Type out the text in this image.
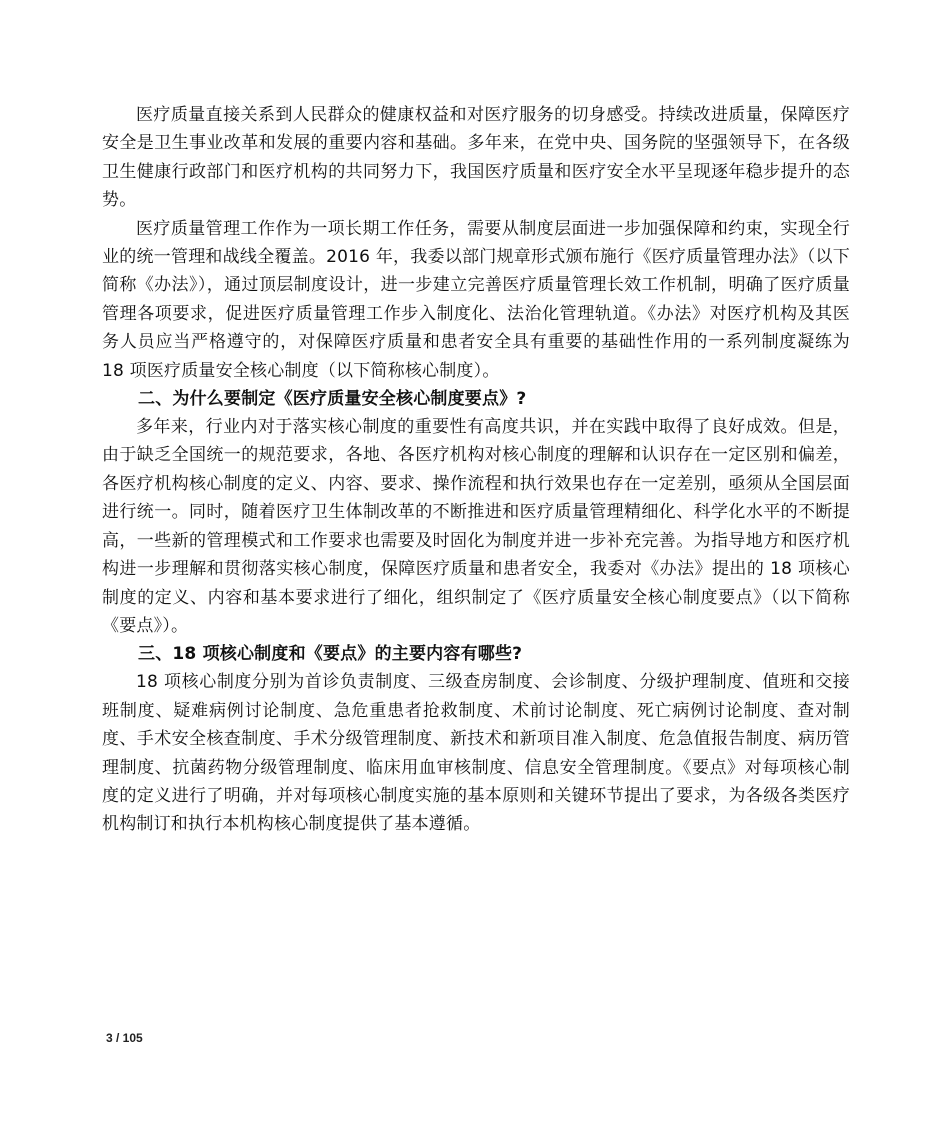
医疗质量直接关系到人民群众的健康权益和对医疗服务的切身感受。持续改进质量，保障医疗安全是卫生事业改革和发展的重要内容和基础。多年来，在党中央、国务院的坚强领导下，在各级卫生健康行政部门和医疗机构的共同努力下，我国医疗质量和医疗安全水平呈现逐年稳步提升的态势。

医疗质量管理工作作为一项长期工作任务，需要从制度层面进一步加强保障和约束，实现全行业的统一管理和战线全覆盖。2016 年，我委以部门规章形式颁布施行《医疗质量管理办法》（以下简称《办法》），通过顶层制度设计，进一步建立完善医疗质量管理长效工作机制，明确了医疗质量管理各项要求，促进医疗质量管理工作步入制度化、法治化管理轨道。《办法》对医疗机构及其医务人员应当严格遵守的，对保障医疗质量和患者安全具有重要的基础性作用的一系列制度凝练为 18 项医疗质量安全核心制度（以下简称核心制度）。

二、为什么要制定《医疗质量安全核心制度要点》?

多年来，行业内对于落实核心制度的重要性有高度共识，并在实践中取得了良好成效。但是，由于缺乏全国统一的规范要求，各地、各医疗机构对核心制度的理解和认识存在一定区别和偏差，各医疗机构核心制度的定义、内容、要求、操作流程和执行效果也存在一定差别，亟须从全国层面进行统一。同时，随着医疗卫生体制改革的不断推进和医疗质量管理精细化、科学化水平的不断提高，一些新的管理模式和工作要求也需要及时固化为制度并进一步补充完善。为指导地方和医疗机构进一步理解和贯彻落实核心制度，保障医疗质量和患者安全，我委对《办法》提出的 18 项核心制度的定义、内容和基本要求进行了细化，组织制定了《医疗质量安全核心制度要点》（以下简称《要点》）。

三、18 项核心制度和《要点》的主要内容有哪些?

18 项核心制度分别为首诊负责制度、三级查房制度、会诊制度、分级护理制度、值班和交接班制度、疑难病例讨论制度、急危重患者抢救制度、术前讨论制度、死亡病例讨论制度、查对制度、手术安全核查制度、手术分级管理制度、新技术和新项目准入制度、危急值报告制度、病历管理制度、抗菌药物分级管理制度、临床用血审核制度、信息安全管理制度。《要点》对每项核心制度的定义进行了明确，并对每项核心制度实施的基本原则和关键环节提出了要求，为各级各类医疗机构制订和执行本机构核心制度提供了基本遵循。

3 / 105
